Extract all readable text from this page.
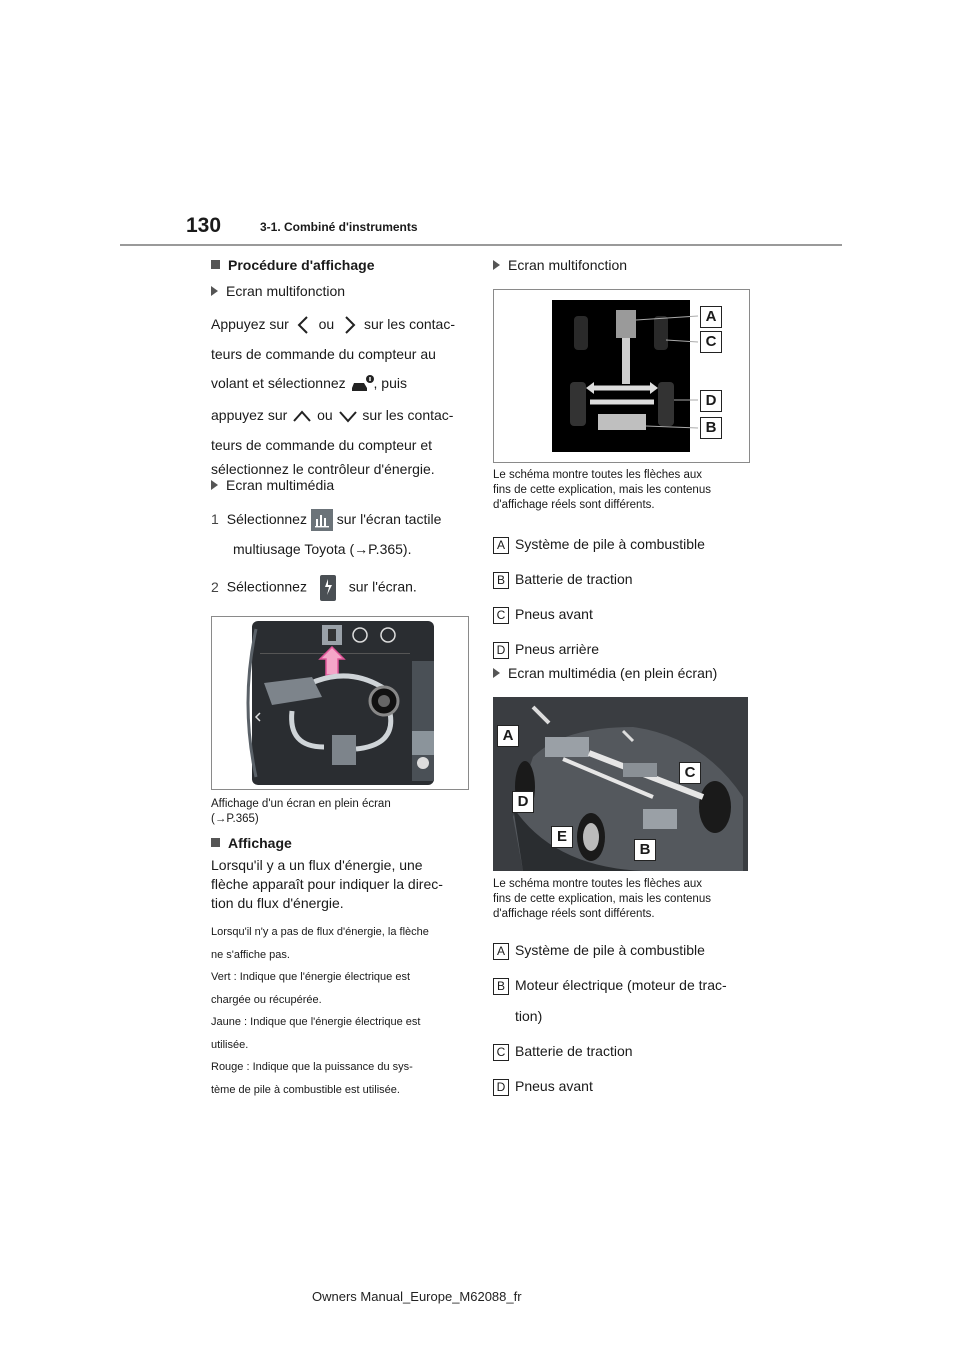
130	3-1. Combiné d'instruments
Procédure d'affichage
Ecran multifonction
Appuyez sur ou sur les contac-
teurs de commande du compteur au
volant et sélectionnez , puis
appuyez sur ou sur les contac-
teurs de commande du compteur et
sélectionnez le contrôleur d'énergie.
Ecran multimédia
1 Sélectionnez sur l'écran tactile
multiusage Toyota (→P.365).
2 Sélectionnez	sur l'écran.
Affichage d'un écran en plein écran
(→P.365)
Affichage
Lorsqu'il y a un flux d'énergie, une
flèche apparaît pour indiquer la direc-
tion du flux d'énergie.
Lorsqu'il n'y a pas de flux d'énergie, la flèche
ne s'affiche pas.
Vert : Indique que l'énergie électrique est
chargée ou récupérée.
Jaune : Indique que l'énergie électrique est
utilisée.
Rouge : Indique que la puissance du sys-
tème de pile à combustible est utilisée.
Ecran multifonction
A
C
D
B
Le schéma montre toutes les flèches aux
fins de cette explication, mais les contenus
d'affichage réels sont différents.
A Système de pile à combustible
B Batterie de traction
C Pneus avant
D Pneus arrière
Ecran multimédia (en plein écran)
A
C
D
E
B
Le schéma montre toutes les flèches aux
fins de cette explication, mais les contenus
d'affichage réels sont différents.
A Système de pile à combustible
B Moteur électrique (moteur de trac-
tion)
C Batterie de traction
D Pneus avant
Owners Manual_Europe_M62088_fr
